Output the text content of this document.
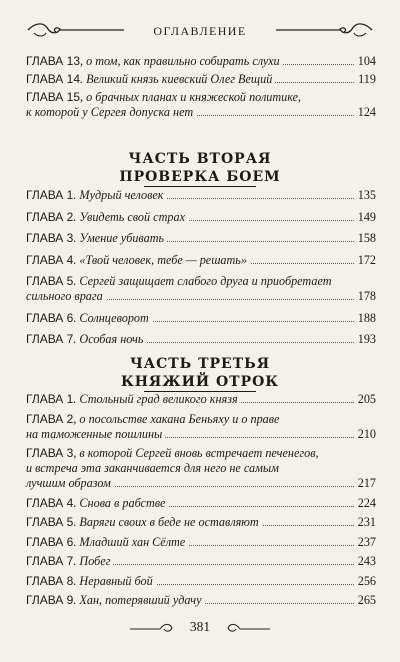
ОГЛАВЛЕНИЕ
ГЛАВА 13, о том, как правильно собирать слухи	104
ГЛАВА 14. Великий князь киевский Олег Вещий	119
ГЛАВА 15, о брачных планах и княжеской политике,
к которой у Сергея допуска нет	124
ЧАСТЬ ВТОРАЯ
ПРОВЕРКА БОЕМ
ГЛАВА 1. Мудрый человек	135
ГЛАВА 2. Увидеть свой страх	149
ГЛАВА 3. Умение убивать	158
ГЛАВА 4. «Твой человек, тебе — решать»	172
ГЛАВА 5. Сергей защищает слабого друга и приобретает
сильного врага	178
ГЛАВА 6. Солнцеворот	188
ГЛАВА 7. Особая ночь	193
ЧАСТЬ ТРЕТЬЯ
КНЯЖИЙ ОТРОК
ГЛАВА 1. Стольный град великого князя	205
ГЛАВА 2, о посольстве хакана Беньяху и о праве
на таможенные пошлины	210
ГЛАВА 3, в которой Сергей вновь встречает печенегов,
и встреча эта заканчивается для него не самым
лучшим образом	217
ГЛАВА 4. Снова в рабстве	224
ГЛАВА 5. Варяги своих в беде не оставляют	231
ГЛАВА 6. Младший хан Сёлте	237
ГЛАВА 7. Побег	243
ГЛАВА 8. Неравный бой	256
ГЛАВА 9. Хан, потерявший удачу	265
381
